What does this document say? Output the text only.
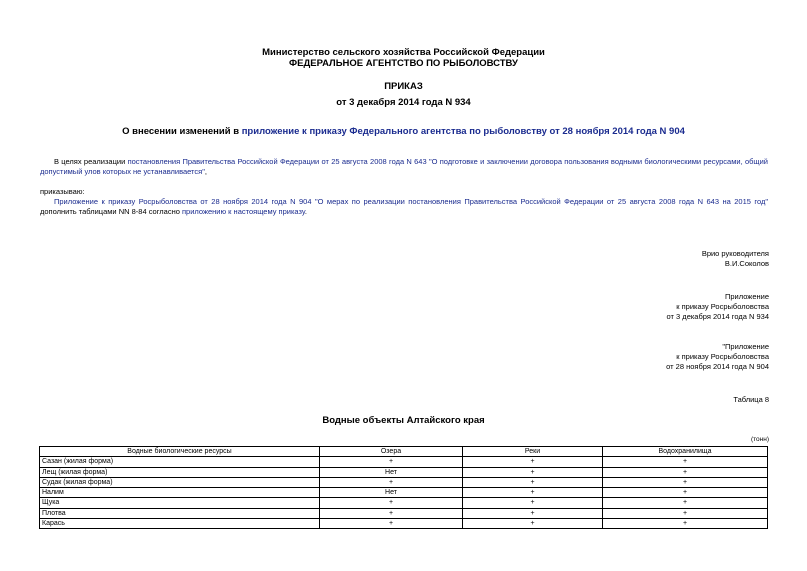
Министерство сельского хозяйства Российской Федерации
ФЕДЕРАЛЬНОЕ АГЕНТСТВО ПО РЫБОЛОВСТВУ
ПРИКАЗ
от 3 декабря 2014 года N 934
О внесении изменений в приложение к приказу Федерального агентства по рыболовству от 28 ноября 2014 года N 904
В целях реализации постановления Правительства Российской Федерации от 25 августа 2008 года N 643 "О подготовке и заключении договора пользования водными биологическими ресурсами, общий допустимый улов которых не устанавливается",
приказываю:
Приложение к приказу Росрыболовства от 28 ноября 2014 года N 904 "О мерах по реализации постановления Правительства Российской Федерации от 25 августа 2008 года N 643 на 2015 год" дополнить таблицами NN 8-84 согласно приложению к настоящему приказу.
Врио руководителя
В.И.Соколов
Приложение
к приказу Росрыболовства
от 3 декабря 2014 года N 934
"Приложение
к приказу Росрыболовства
от 28 ноября 2014 года N 904
Таблица 8
Водные объекты Алтайского края
(тонн)
Водные биологические ресурсы	Озера	Реки	Водохранилища
Сазан (жилая форма)	+	+	+
Лещ (жилая форма)	Нет	+	+
Судак (жилая форма)	+	+	+
Налим	Нет	+	+
Щука	+	+	+
Плотва	+	+	+
Карась	+	+	+
